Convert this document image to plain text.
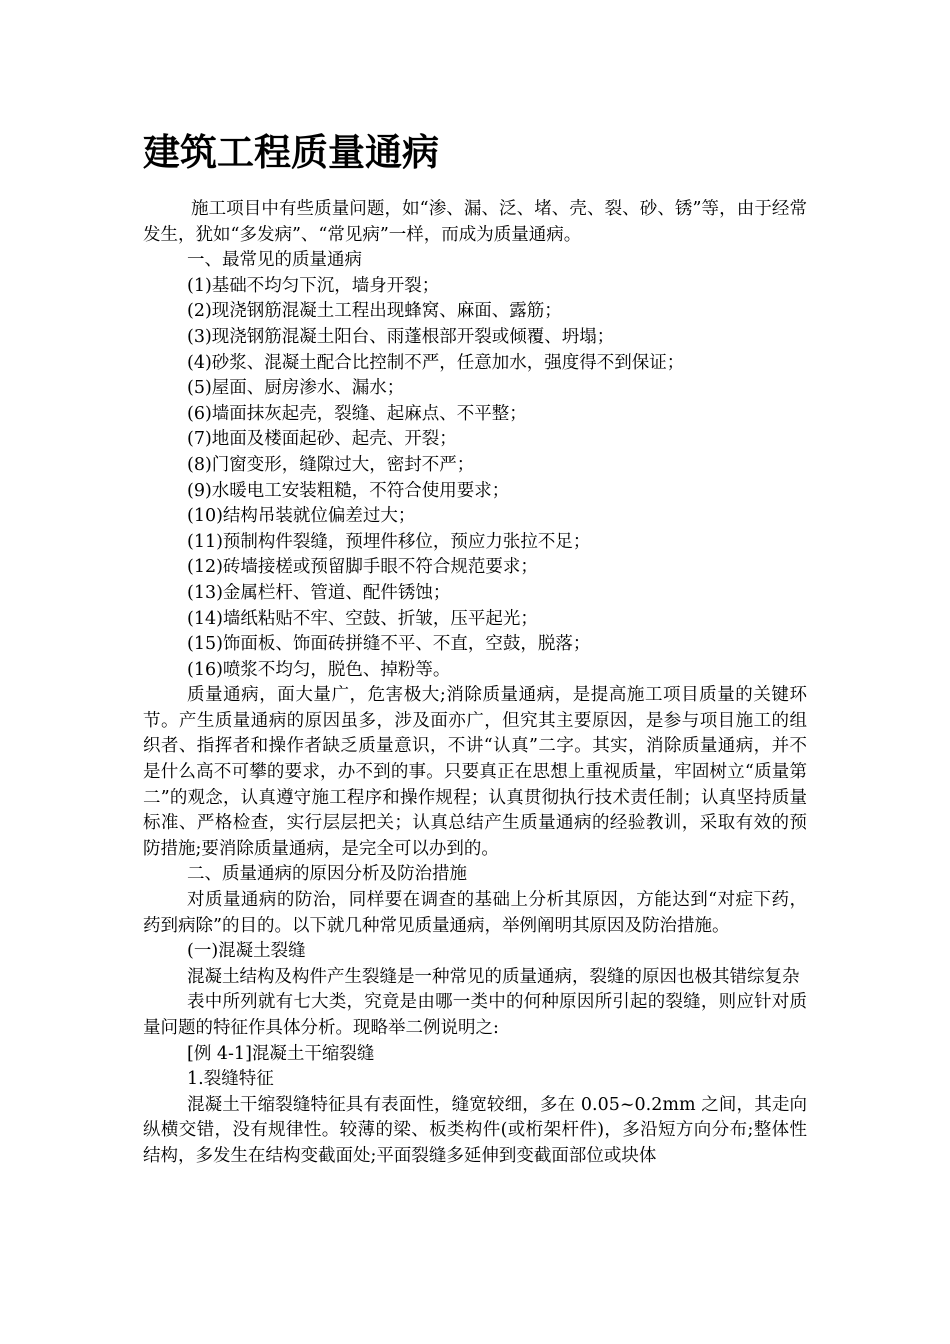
建筑工程质量通病

施工项目中有些质量问题，如“渗、漏、泛、堵、壳、裂、砂、锈”等，由于经常发生，犹如“多发病”、“常见病”一样，而成为质量通病。

一、最常见的质量通病

(1)基础不均匀下沉，墙身开裂；

(2)现浇钢筋混凝土工程出现蜂窝、麻面、露筋；

(3)现浇钢筋混凝土阳台、雨蓬根部开裂或倾覆、坍塌；

(4)砂浆、混凝土配合比控制不严，任意加水，强度得不到保证；

(5)屋面、厨房渗水、漏水；

(6)墙面抹灰起壳，裂缝、起麻点、不平整；

(7)地面及楼面起砂、起壳、开裂；

(8)门窗变形，缝隙过大，密封不严；

(9)水暖电工安装粗糙，不符合使用要求；

(10)结构吊装就位偏差过大；

(11)预制构件裂缝，预埋件移位，预应力张拉不足；

(12)砖墙接槎或预留脚手眼不符合规范要求；

(13)金属栏杆、管道、配件锈蚀；

(14)墙纸粘贴不牢、空鼓、折皱，压平起光；

(15)饰面板、饰面砖拼缝不平、不直，空鼓，脱落；

(16)喷浆不均匀，脱色、掉粉等。

质量通病，面大量广，危害极大;消除质量通病，是提高施工项目质量的关键环节。产生质量通病的原因虽多，涉及面亦广，但究其主要原因，是参与项目施工的组织者、指挥者和操作者缺乏质量意识，不讲“认真”二字。其实，消除质量通病，并不是什么高不可攀的要求，办不到的事。只要真正在思想上重视质量，牢固树立“质量第二”的观念，认真遵守施工程序和操作规程；认真贯彻执行技术责任制；认真坚持质量标准、严格检查，实行层层把关；认真总结产生质量通病的经验教训，采取有效的预防措施;要消除质量通病，是完全可以办到的。

二、质量通病的原因分析及防治措施

对质量通病的防治，同样要在调查的基础上分析其原因，方能达到“对症下药，药到病除”的目的。以下就几种常见质量通病，举例阐明其原因及防治措施。

(一)混凝土裂缝

混凝土结构及构件产生裂缝是一种常见的质量通病，裂缝的原因也极其错综复杂

表中所列就有七大类，究竟是由哪一类中的何种原因所引起的裂缝，则应针对质量问题的特征作具体分析。现略举二例说明之:

[例 4-1]混凝土干缩裂缝

1.裂缝特征

混凝土干缩裂缝特征具有表面性，缝宽较细，多在 0.05~0.2mm 之间，其走向纵横交错，没有规律性。较薄的梁、板类构件(或桁架杆件)，多沿短方向分布;整体性结构，多发生在结构变截面处;平面裂缝多延伸到变截面部位或块体
